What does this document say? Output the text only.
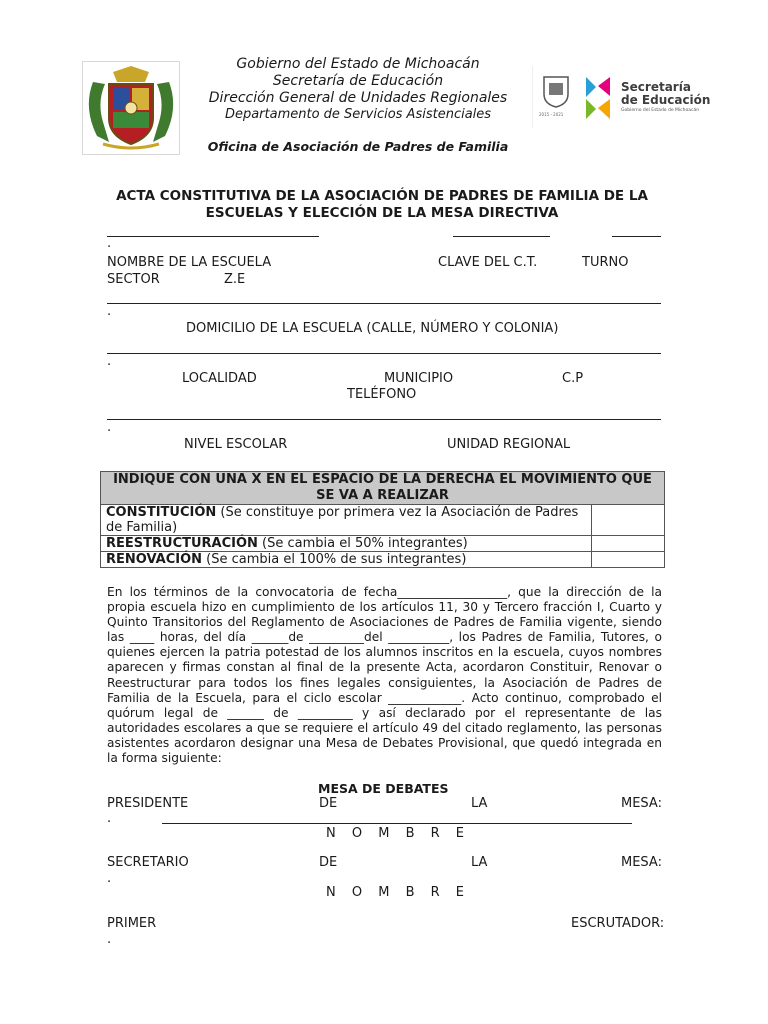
Gobierno del Estado de Michoacán
Secretaría de Educación
Dirección General de Unidades Regionales
Departamento de Servicios Asistenciales
Oficina de Asociación de Padres de Familia
2015 - 2021
Secretaría
de Educación
Gobierno del Estado de Michoacán
ACTA CONSTITUTIVA DE LA ASOCIACIÓN DE PADRES DE FAMILIA DE LA
ESCUELAS Y ELECCIÓN DE LA MESA DIRECTIVA
.
NOMBRE DE LA ESCUELA	CLAVE DEL C.T.	TURNO
SECTOR	Z.E
.
DOMICILIO DE LA ESCUELA (CALLE, NÚMERO Y COLONIA)
.
LOCALIDAD	MUNICIPIO	C.P
TELÉFONO
.
NIVEL ESCOLAR	UNIDAD REGIONAL
INDIQUE CON UNA X EN EL ESPACIO DE LA DERECHA EL MOVIMIENTO QUE
SE VA A REALIZAR	
CONSTITUCIÓN (Se constituye por primera vez la Asociación de Padres de Familia)	
REESTRUCTURACIÓN (Se cambia el 50% integrantes)	
RENOVACIÓN (Se cambia el 100% de sus integrantes)	
En los términos de la convocatoria de fecha__________________, que la dirección de la propia escuela hizo en cumplimiento de los artículos 11, 30 y Tercero fracción I, Cuarto y Quinto Transitorios del Reglamento de Asociaciones de Padres de Familia vigente, siendo las ____ horas, del día ______de _________del __________, los Padres de Familia, Tutores, o quienes ejercen la patria potestad de los alumnos inscritos en la escuela, cuyos nombres aparecen y firmas constan al final de la presente Acta, acordaron Constituir, Renovar o Reestructurar para todos los fines legales consiguientes, la Asociación de Padres de Familia de la Escuela, para el ciclo escolar ____________. Acto continuo, comprobado el quórum legal de ______ de _________ y así declarado por el representante de las autoridades escolares a que se requiere el artículo 49 del citado reglamento, las personas asistentes acordaron designar una Mesa de Debates Provisional, que quedó integrada en la forma siguiente:
MESA DE DEBATES
PRESIDENTE	DE	LA	MESA:
.
N O M B R E
SECRETARIO	DE	LA	MESA:
.
N O M B R E
PRIMER	ESCRUTADOR:
.
